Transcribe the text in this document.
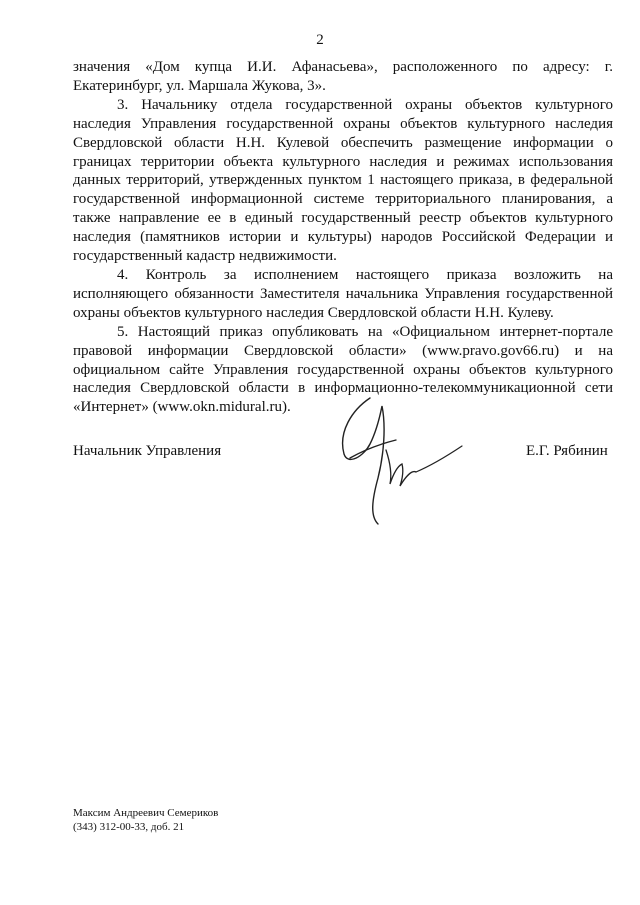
2

значения «Дом купца И.И. Афанасьева», расположенного по адресу: г. Екатеринбург, ул. Маршала Жукова, 3».

3. Начальнику отдела государственной охраны объектов культурного наследия Управления государственной охраны объектов культурного наследия Свердловской области Н.Н. Кулевой обеспечить размещение информации о границах территории объекта культурного наследия и режимах использования данных территорий, утвержденных пунктом 1 настоящего приказа, в федеральной государственной информационной системе территориального планирования, а также направление ее в единый государственный реестр объектов культурного наследия (памятников истории и культуры) народов Российской Федерации и государственный кадастр недвижимости.

4. Контроль за исполнением настоящего приказа возложить на исполняющего обязанности Заместителя начальника Управления государственной охраны объектов культурного наследия Свердловской области Н.Н. Кулеву.

5. Настоящий приказ опубликовать на «Официальном интернет-портале правовой информации Свердловской области» (www.pravo.gov66.ru) и на официальном сайте Управления государственной охраны объектов культурного наследия Свердловской области в информационно-телекоммуникационной сети «Интернет» (www.okn.midural.ru).

Начальник Управления	Е.Г. Рябинин
Максим Андреевич Семериков
(343) 312-00-33, доб. 21
